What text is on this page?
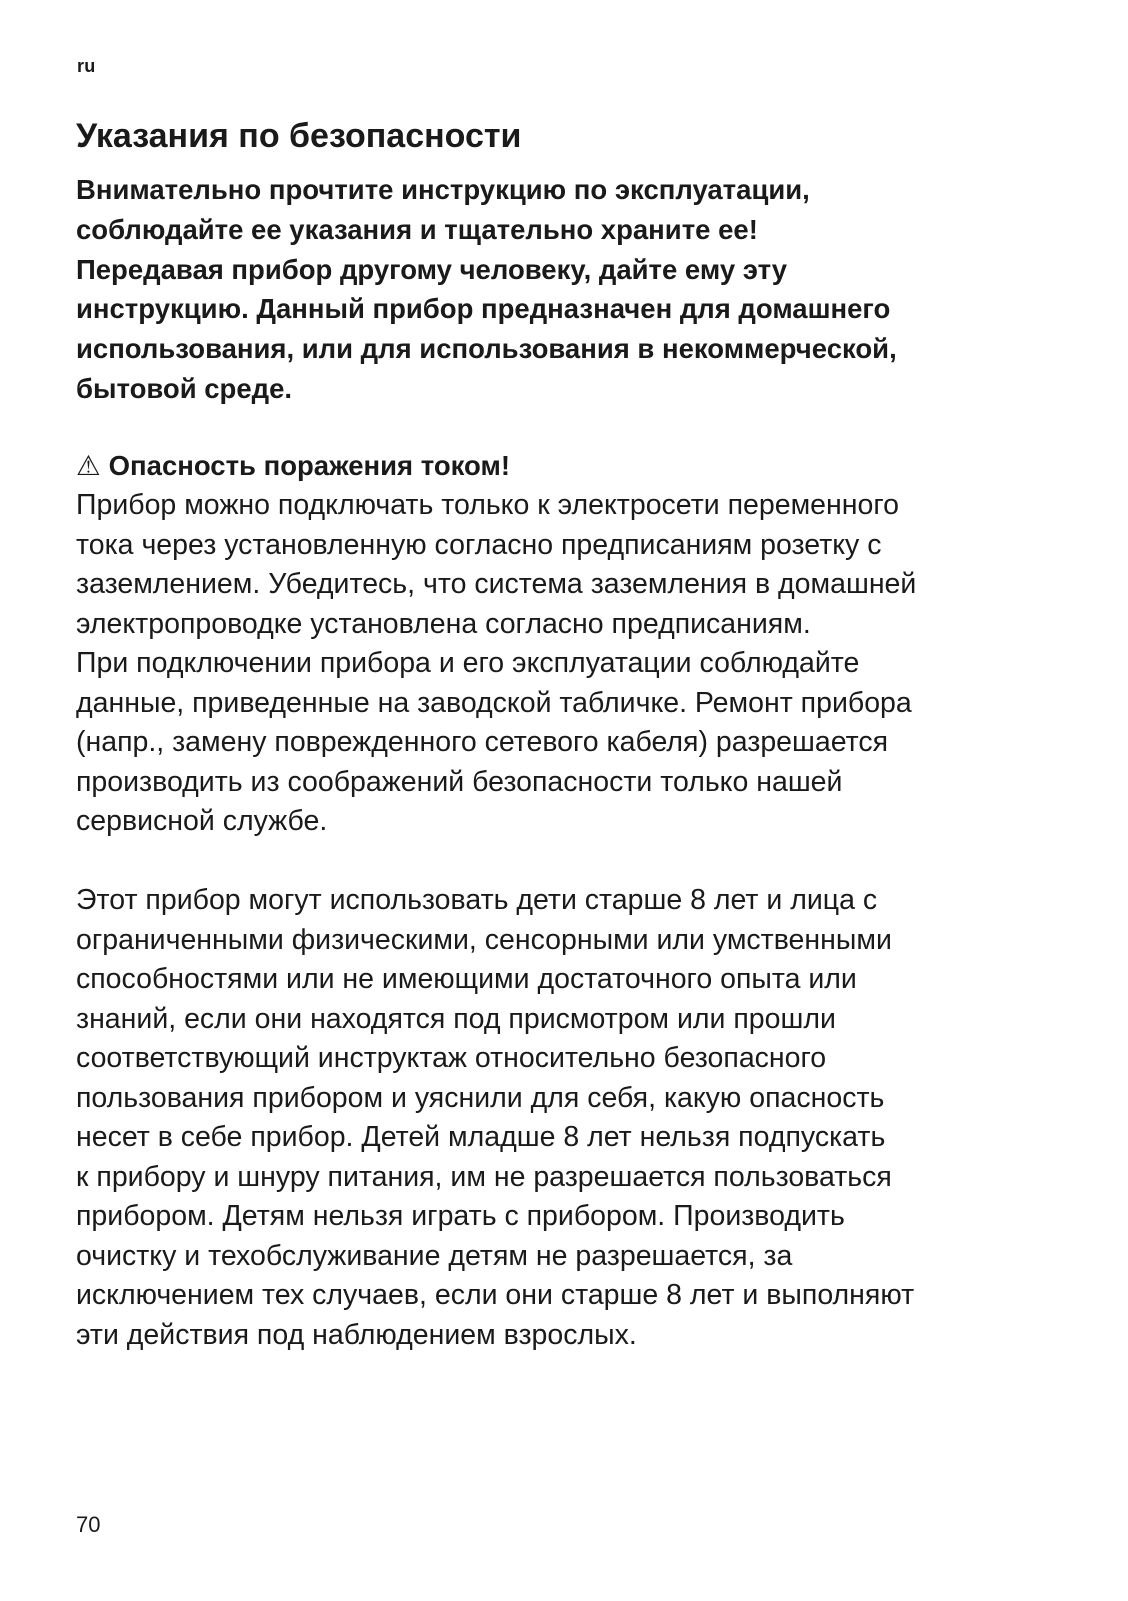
ru
Указания по безопасности

Внимательно прочтите инструкцию по эксплуатации,
соблюдайте ее указания и тщательно храните ее!
Передавая прибор другому человеку, дайте ему эту
инструкцию. Данный прибор предназначен для домашнего
использования, или для использования в некоммерческой,
бытовой среде.

⚠ Опасность поражения током!

Прибор можно подключать только к электросети переменного
тока через установленную согласно предписаниям розетку с
заземлением. Убедитесь, что система заземления в домашней
электропроводке установлена согласно предписаниям.
При подключении прибора и его эксплуатации соблюдайте
данные, приведенные на заводской табличке. Ремонт прибора
(напр., замену поврежденного сетевого кабеля) разрешается
производить из соображений безопасности только нашей
сервисной службе.

Этот прибор могут использовать дети старше 8 лет и лица с
ограниченными физическими, сенсорными или умственными
способностями или не имеющими достаточного опыта или
знаний, если они находятся под присмотром или прошли
соответствующий инструктаж относительно безопасного
пользования прибором и уяснили для себя, какую опасность
несет в себе прибор. Детей младше 8 лет нельзя подпускать
к прибору и шнуру питания, им не разрешается пользоваться
прибором. Детям нельзя играть с прибором. Производить
очистку и техобслуживание детям не разрешается, за
исключением тех случаев, если они старше 8 лет и выполняют
эти действия под наблюдением взрослых.

70
